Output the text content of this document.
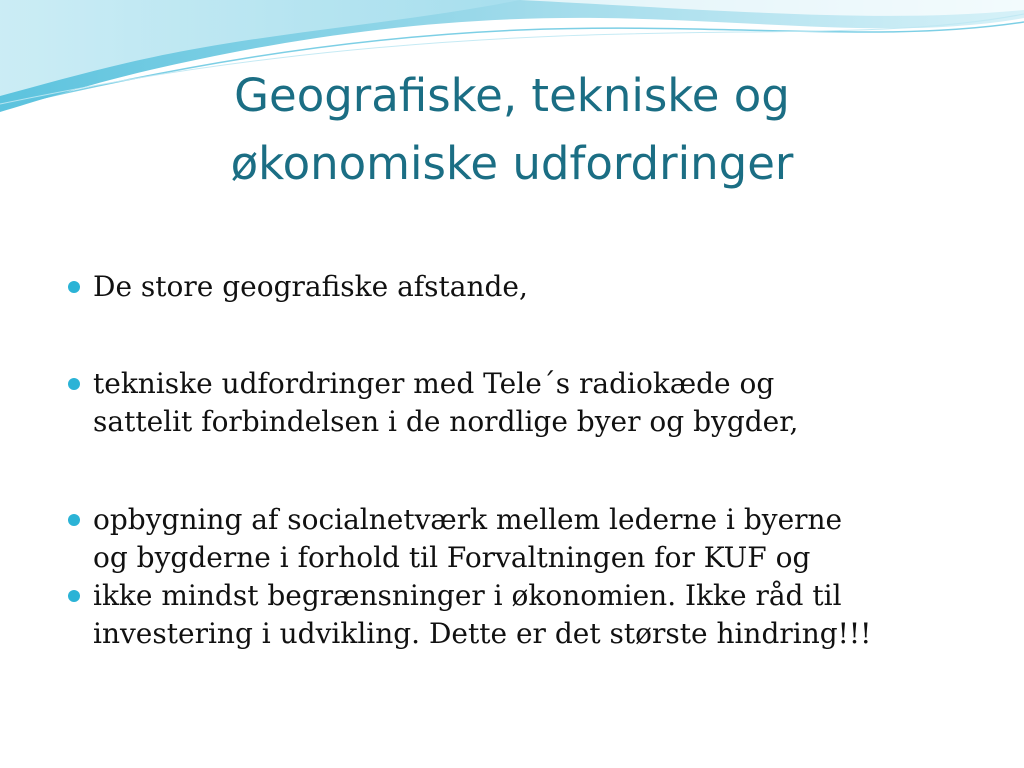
Geografiske, tekniske og
økonomiske udfordringer
De store geografiske afstande,
tekniske udfordringer med Tele´s radiokæde og
sattelit forbindelsen i de nordlige byer og bygder,
opbygning af socialnetværk mellem lederne i byerne
og bygderne i forhold til Forvaltningen for KUF og
ikke mindst begrænsninger i økonomien. Ikke råd til
investering i udvikling. Dette er det største hindring!!!
